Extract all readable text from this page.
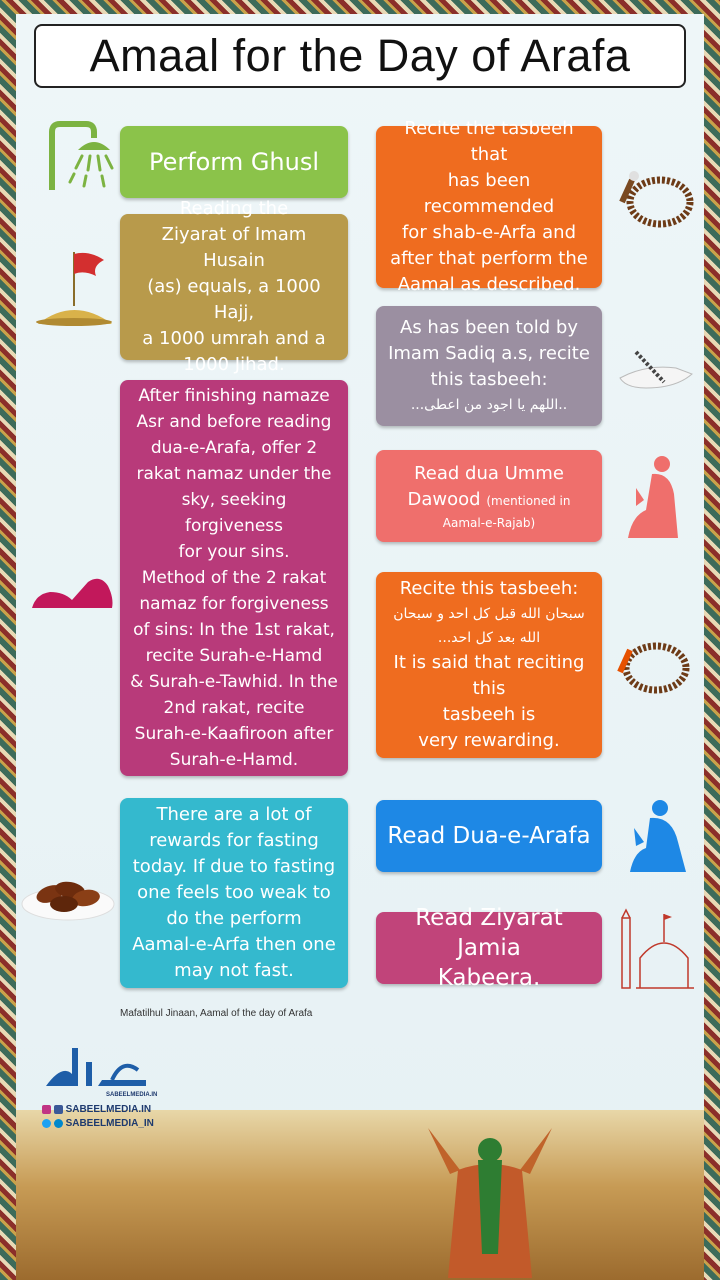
Amaal for the Day of Arafa
Perform Ghusl
Reading the
Ziyarat of Imam Husain
(as) equals, a 1000 Hajj,
a 1000 umrah and a
1000 Jihad.
After finishing namaze
Asr and before reading
dua-e-Arafa, offer 2
rakat namaz under the
sky, seeking forgiveness
for your sins.
Method of the 2 rakat
namaz for forgiveness
of sins: In the 1st rakat,
recite Surah-e-Hamd
& Surah-e-Tawhid. In the
2nd rakat, recite
Surah-e-Kaafiroon after
Surah-e-Hamd.
There are a lot of
rewards for fasting
today. If due to fasting
one feels too weak to
do the perform
Aamal-e-Arfa then one
may not fast.
Recite the tasbeeh that
has been recommended
for shab-e-Arfa and
after that perform the
Aamal as described.
As has been told by
Imam Sadiq a.s, recite
this tasbeeh:
..اللهم يا اجود من اعطى...
Read dua Umme
Dawood (mentioned in
Aamal-e-Rajab)
Recite this tasbeeh:
سبحان الله قبل كل احد و سبحان
الله بعد كل احد...
It is said that reciting this
tasbeeh is
very rewarding.
Read Dua-e-Arafa
Read Ziyarat Jamia
Kabeera.
Mafatilhul Jinaan, Aamal of the day of Arafa
SABEELMEDIA.IN
SABEELMEDIA.IN
SABEELMEDIA_IN
